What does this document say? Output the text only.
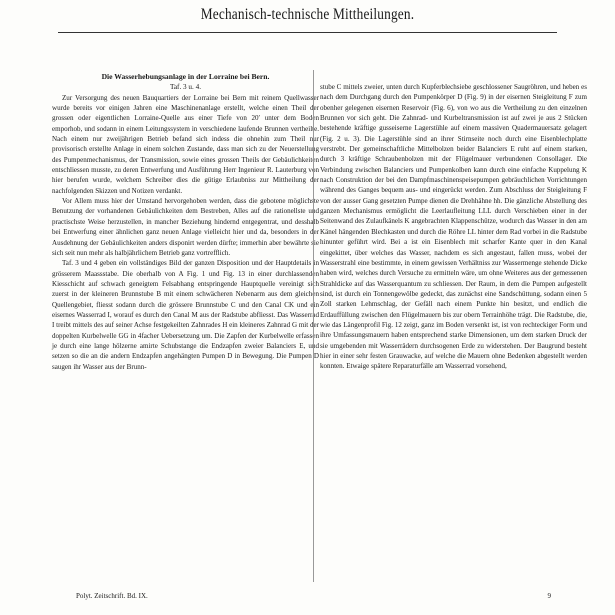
Mechanisch-technische Mittheilungen.

Die Wasserhebungsanlage in der Lorraine bei Bern.

Taf. 3 u. 4.

Zur Versorgung des neuen Bauquartiers der Lorraine bei Bern mit reinem Quellwasser wurde bereits vor einigen Jahren eine Maschinenanlage erstellt, welche einen Theil der grossen oder eigentlichen Lorraine-Quelle aus einer Tiefe von 20′ unter dem Boden emporhob, und sodann in einem Leitungssystem in verschiedene laufende Brunnen vertheilte. Nach einem nur zweijährigen Betrieb befand sich indess die ohnehin zum Theil nur provisorisch erstellte Anlage in einem solchen Zustande, dass man sich zu der Neuerstellung des Pumpenmechanismus, der Transmission, sowie eines grossen Theils der Gebäulichkeiten entschliessen musste, zu deren Entwerfung und Ausführung Herr Ingenieur R. Lauterburg von hier berufen wurde, welchem Schreiber dies die gütige Erlaubniss zur Mittheilung der nachfolgenden Skizzen und Notizen verdankt.

Vor Allem muss hier der Umstand hervorgehoben werden, dass die gebotene möglichste Benutzung der vorhandenen Gebäulichkeiten dem Bestreben, Alles auf die rationellste und practischste Weise herzustellen, in mancher Beziehung hindernd entgegentrat, und desshalb bei Entwerfung einer ähnlichen ganz neuen Anlage vielleicht hier und da, besonders in der Ausdehnung der Gebäulichkeiten anders disponirt werden dürfte; immerhin aber bewährte sie sich seit nun mehr als halbjährlichem Betrieb ganz vortrefflich.

Taf. 3 und 4 geben ein vollständiges Bild der ganzen Disposition und der Hauptdetails in grösserem Maassstabe. Die oberhalb von A Fig. 1 und Fig. 13 in einer durchlassenden Kiesschicht auf schwach geneigtem Felsabhang entspringende Hauptquelle vereinigt sich zuerst in der kleineren Brunnstube B mit einem schwächeren Nebenarm aus dem gleichen Quellengebiet, fliesst sodann durch die grössere Brunnstube C und den Canal CK und ein eisernes Wasserrad I, worauf es durch den Canal M aus der Radstube abfliesst. Das Wasserrad I treibt mittels des auf seiner Achse festgekeilten Zahnrades H ein kleineres Zahnrad G mit der doppelten Kurbelwelle GG in 4facher Uebersetzung um. Die Zapfen der Kurbelwelle erfassen je durch eine lange hölzerne amirte Schubstange die Endzapfen zweier Balanciers E, und setzen so die an die andern Endzapfen angehängten Pumpen D in Bewegung. Die Pumpen D saugen ihr Wasser aus der Brunn-

stube C mittels zweier, unten durch Kupferblechsiebe geschlossener Saugröhren, und heben es nach dem Durchgang durch den Pumpenkörper D (Fig. 9) in der eisernen Steigleitung F zum obenher gelegenen eisernen Reservoir (Fig. 6), von wo aus die Vertheilung zu den einzelnen Brunnen vor sich geht. Die Zahnrad- und Kurbeltransmission ist auf zwei je aus 2 Stücken bestehende kräftige gusseiserne Lagerstühle auf einem massiven Quadermauersatz gelagert (Fig. 2 u. 3). Die Lagerstühle sind an ihrer Stirnseite noch durch eine Eisenblechplatte verstrebt. Der gemeinschaftliche Mittelbolzen beider Balanciers E ruht auf einem starken, durch 3 kräftige Schraubenbolzen mit der Flügelmauer verbundenen Consollager. Die Verbindung zwischen Balanciers und Pumpenkolben kann durch eine einfache Kuppelung K nach Construktion der bei den Dampfmaschinenspeisepumpen gebräuchlichen Vorrichtungen während des Ganges bequem aus- und eingerückt werden. Zum Abschluss der Steigleitung F von der ausser Gang gesetzten Pumpe dienen die Drehhähne hh. Die gänzliche Abstellung des ganzen Mechanismus ermöglicht die Leerlaufleitung LLL durch Verschieben einer in der Seitenwand des Zulaufkänels K angebrachten Klappenschütze, wodurch das Wasser in den am Känel hängenden Blechkasten und durch die Röhre LL hinter dem Rad vorbei in die Radstube hinunter geführt wird. Bei a ist ein Eisenblech mit scharfer Kante quer in den Kanal eingekittet, über welches das Wasser, nachdem es sich angestaut, fallen muss, wobei der Wasserstrahl eine bestimmte, in einem gewissen Verhältniss zur Wassermenge stehende Dicke haben wird, welches durch Versuche zu ermitteln wäre, um ohne Weiteres aus der gemessenen Strahldicke auf das Wasserquantum zu schliessen. Der Raum, in dem die Pumpen aufgestellt sind, ist durch ein Tonnengewölbe gedeckt, das zunächst eine Sandschüttung, sodann einen 5 Zoll starken Lehmschlag, der Gefäll nach einem Punkte hin besitzt, und endlich die Erdauffüllung zwischen den Flügelmauern bis zur obern Terrainhöhe trägt. Die Radstube, die, wie das Längenprofil Fig. 12 zeigt, ganz im Boden versenkt ist, ist von rechteckiger Form und ihre Umfassungsmauern haben entsprechend starke Dimensionen, um dem starken Druck der sie umgebenden mit Wasserrädern durchsogenen Erde zu widerstehen. Der Baugrund besteht hier in einer sehr festen Grauwacke, auf welche die Mauern ohne Bedenken abgestellt werden konnten. Etwaige spätere Reparaturfälle am Wasserrad vorsehend,

Polyt. Zeitschrift. Bd. IX.	9
